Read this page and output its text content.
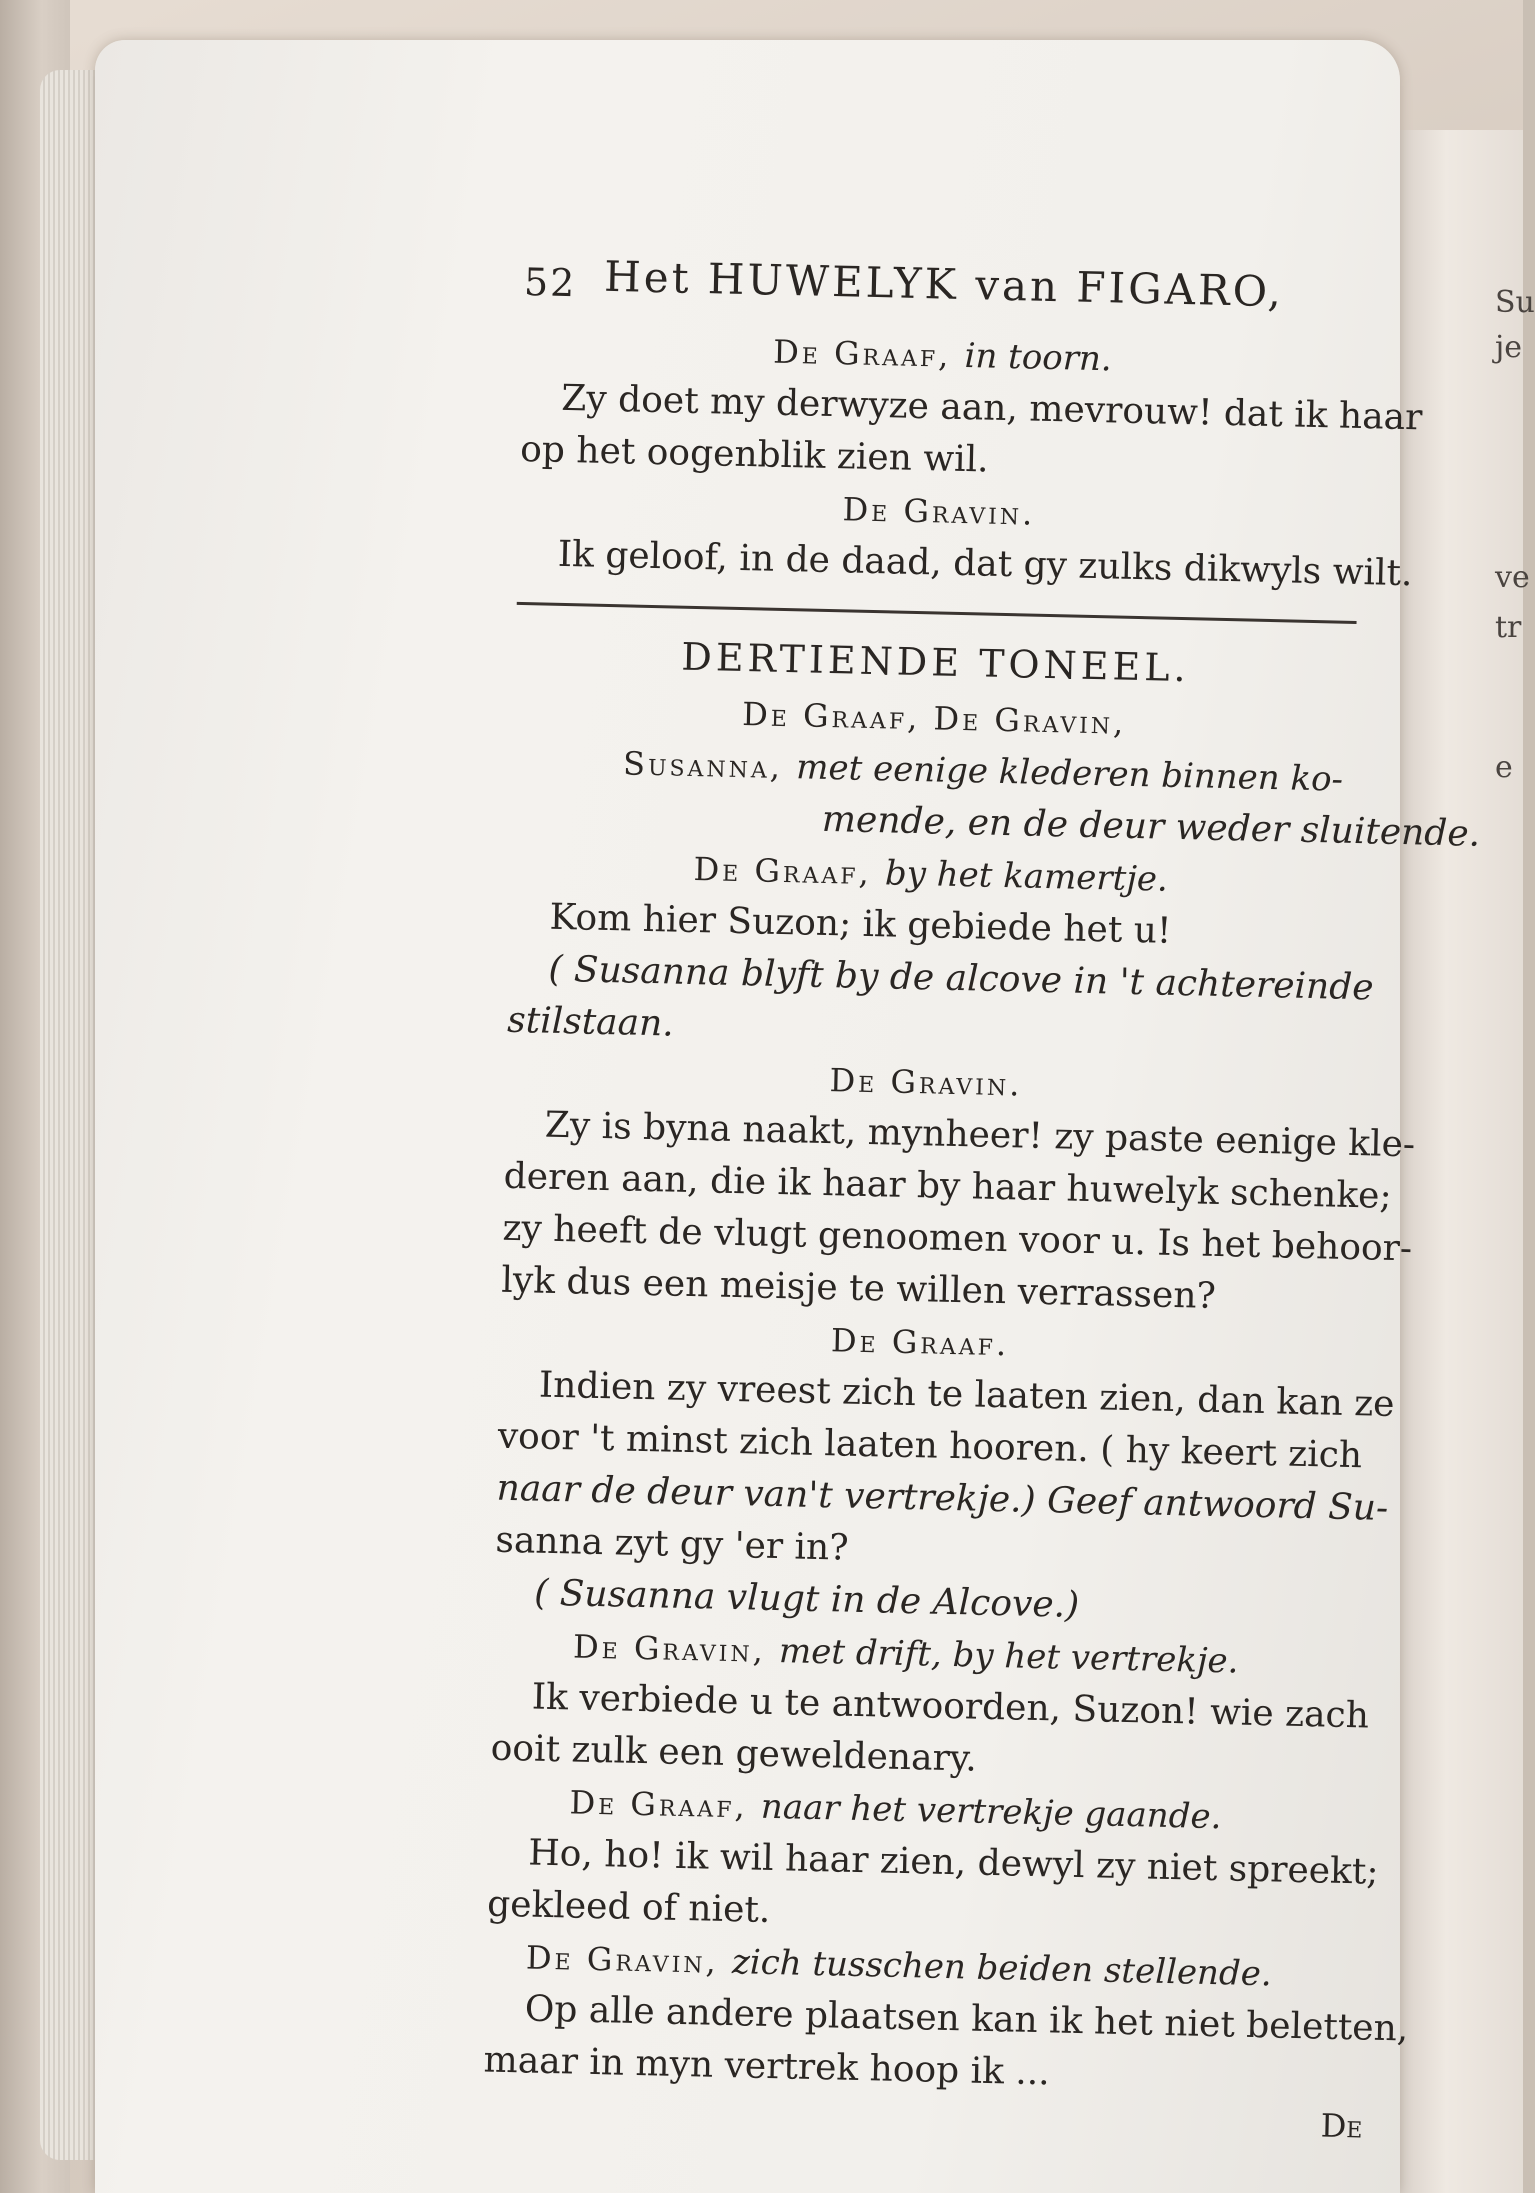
Su
je
ve
tr
e
52 Het HUWELYK van FIGARO,
De Graaf, in toorn.
Zy doet my derwyze aan, mevrouw! dat ik haar
op het oogenblik zien wil.
De Gravin.
Ik geloof, in de daad, dat gy zulks dikwyls wilt.
DERTIENDE TONEEL.
De Graaf, De Gravin,
Susanna, met eenige klederen binnen ko-
mende, en de deur weder sluitende.
De Graaf, by het kamertje.
Kom hier Suzon; ik gebiede het u!
( Susanna blyft by de alcove in 't achtereinde
stilstaan.
De Gravin.
Zy is byna naakt, mynheer! zy paste eenige kle-
deren aan, die ik haar by haar huwelyk schenke;
zy heeft de vlugt genoomen voor u. Is het behoor-
lyk dus een meisje te willen verrassen?
De Graaf.
Indien zy vreest zich te laaten zien, dan kan ze
voor 't minst zich laaten hooren. ( hy keert zich
naar de deur van't vertrekje.) Geef antwoord Su-
sanna zyt gy 'er in?
( Susanna vlugt in de Alcove.)
De Gravin, met drift, by het vertrekje.
Ik verbiede u te antwoorden, Suzon! wie zach
ooit zulk een geweldenary.
De Graaf, naar het vertrekje gaande.
Ho, ho! ik wil haar zien, dewyl zy niet spreekt;
gekleed of niet.
De Gravin, zich tusschen beiden stellende.
Op alle andere plaatsen kan ik het niet beletten,
maar in myn vertrek hoop ik ...
De
